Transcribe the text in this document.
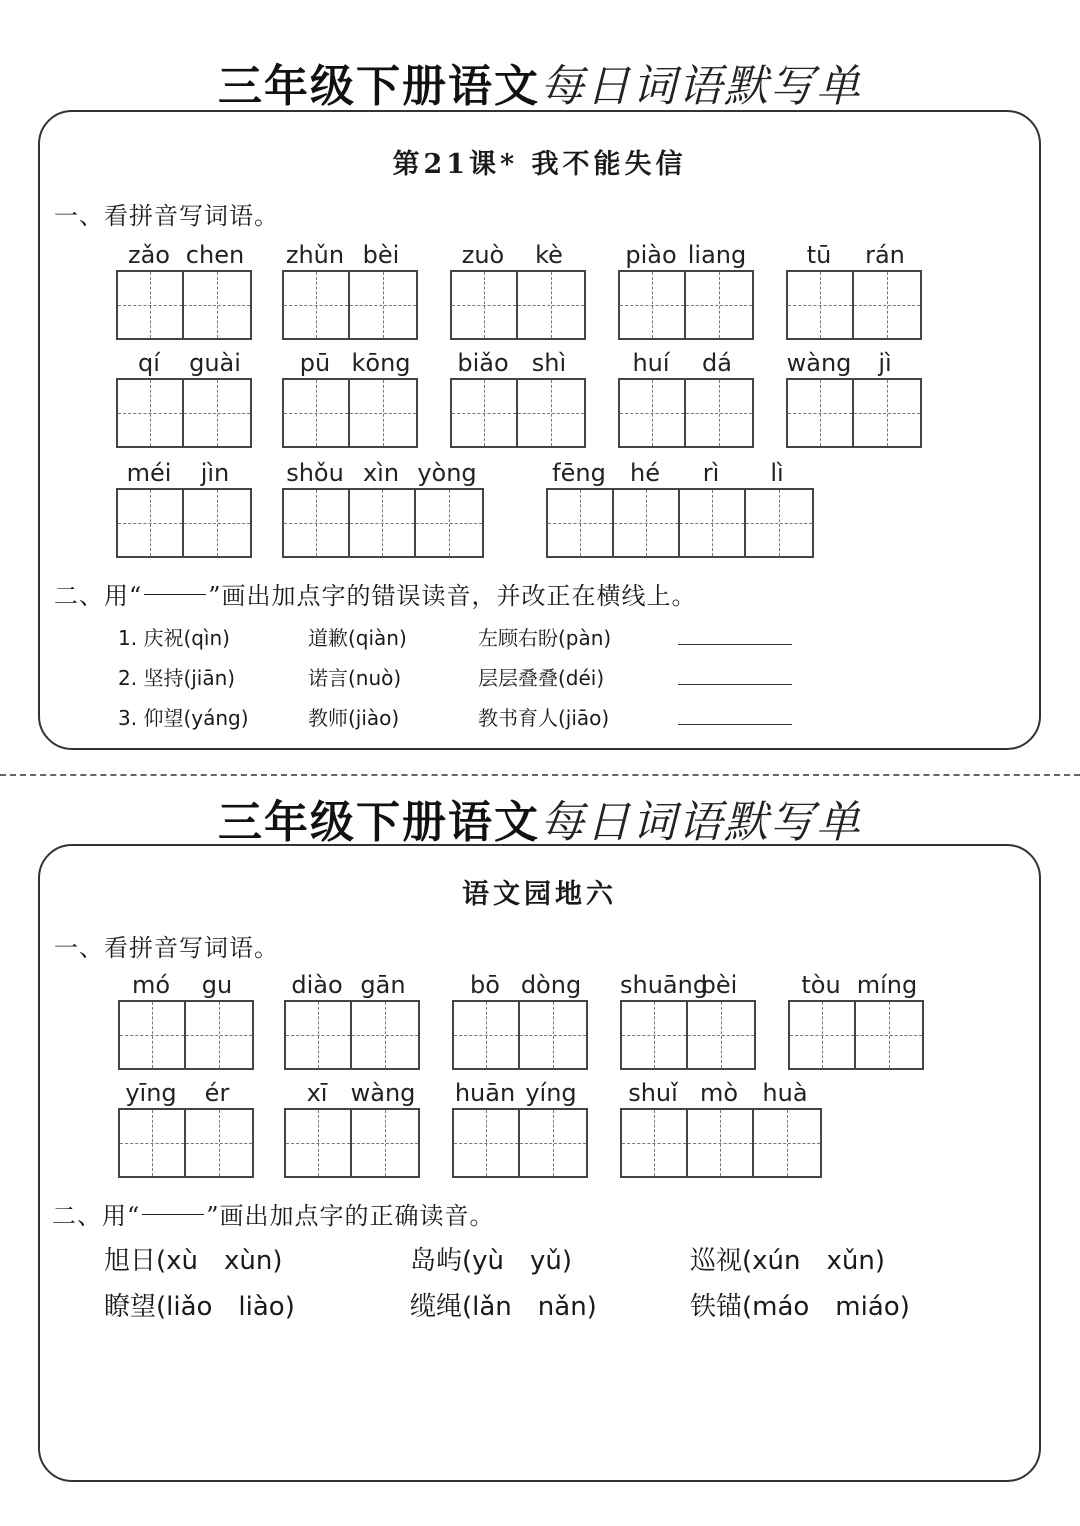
三年级下册语文每日词语默写单
第21课* 我不能失信
一、看拼音写词语。
zǎo chen zhǔn bèi	zuò	kè	piào liang	tū	rán
qí	guài	pū kōng	biǎo shì	huí	dá	wàng	jì
méi	jìn	shǒu xìn yòng	fēng	hé	rì	lì
二、用“	”画出加点字的错误读音，并改正在横线上。
1. 庆祝(qìn)	道歉(qiàn)	左顾右盼(pàn)
2. 坚持(jiān)	诺言(nuò)	层层叠叠(déi)
3. 仰望(yáng)	教师(jiào)	教书育人(jiāo)
三年级下册语文每日词语默写单
语文园地六
一、看拼音写词语。
mó	gu	diào gān	bō dòng shuāng
bèi	tòu míng
yīng	ér	xī wàng huān yíng	shuǐ mò	huà
二、用“	”画出加点字的正确读音。
旭日(xù　xùn)	岛屿(yù　yǔ)	巡视(xún　xǔn)
瞭望(liǎo　liào)	缆绳(lǎn　nǎn)	铁锚(máo　miáo)
